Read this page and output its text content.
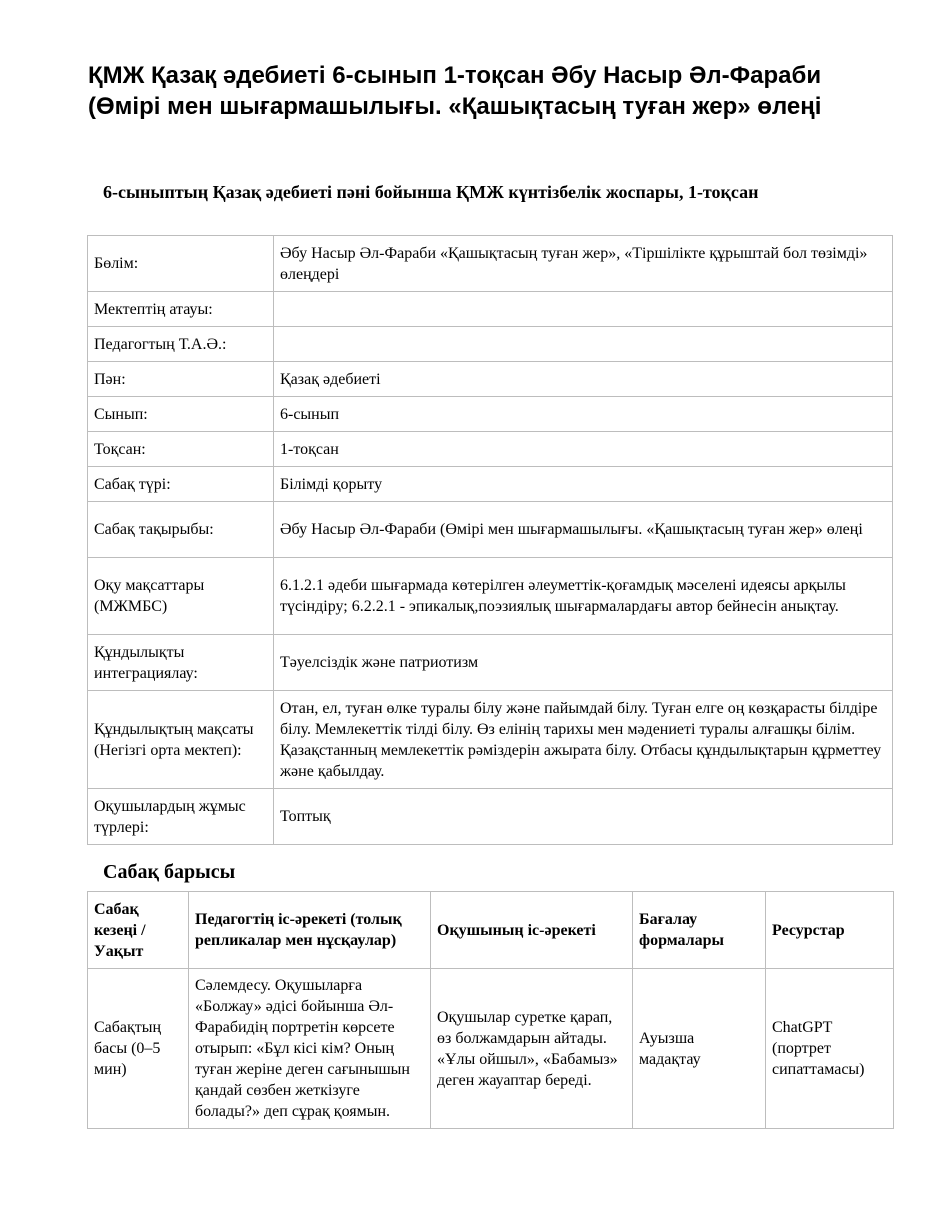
ҚМЖ Қазақ әдебиеті 6-сынып 1-тоқсан Әбу Насыр Әл-Фараби (Өмірі мен шығармашылығы. «Қашықтасың туған жер» өлеңі
6-сыныптың Қазақ әдебиеті пәні бойынша ҚМЖ күнтізбелік жоспары, 1-тоқсан
Бөлім:	Әбу Насыр Әл-Фараби «Қашықтасың туған жер», «Тіршілікте құрыштай бол төзімді» өлеңдері
Мектептің атауы:	
Педагогтың Т.А.Ә.:	
Пән:	Қазақ әдебиеті
Сынып:	6-сынып
Тоқсан:	1-тоқсан
Сабақ түрі:	Білімді қорыту
Сабақ тақырыбы:	Әбу Насыр Әл-Фараби (Өмірі мен шығармашылығы. «Қашықтасың туған жер» өлеңі
Оқу мақсаттары (МЖМБС)	6.1.2.1 әдеби шығармада көтерілген әлеуметтік-қоғамдық мәселені идеясы арқылы түсіндіру; 6.2.2.1 - эпикалық,поэзиялық шығармалардағы автор бейнесін анықтау.
Құндылықты интеграциялау:	Тәуелсіздік және патриотизм
Құндылықтың мақсаты (Негізгі орта мектеп):	Отан, ел, туған өлке туралы білу және пайымдай білу. Туған елге оң көзқарасты білдіре білу. Мемлекеттік тілді білу. Өз елінің тарихы мен мәдениеті туралы алғашқы білім. Қазақстанның мемлекеттік рәміздерін ажырата білу. Отбасы құндылықтарын құрметтеу және қабылдау.
Оқушылардың жұмыс түрлері:	Топтық
Сабақ барысы
Сабақ кезеңі / Уақыт	Педагогтің іс-әрекеті (толық репликалар мен нұсқаулар)	Оқушының іс-әрекеті	Бағалау формалары	Ресурстар
Сабақтың басы (0–5 мин)	Сәлемдесу. Оқушыларға «Болжау» әдісі бойынша Әл-Фарабидің портретін көрсете отырып: «Бұл кісі кім? Оның туған жеріне деген сағынышын қандай сөзбен жеткізуге болады?» деп сұрақ қоямын.	Оқушылар суретке қарап, өз болжамдарын айтады. «Ұлы ойшыл», «Бабамыз» деген жауаптар береді.	Ауызша мадақтау	ChatGPT (портрет сипаттамасы)
